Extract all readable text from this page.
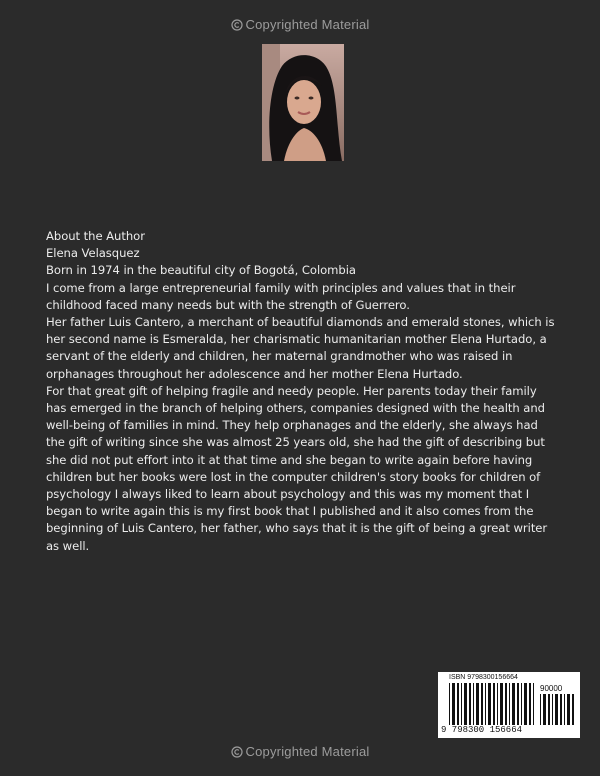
Copyrighted Material

About the Author

Elena Velasquez

Born in 1974 in the beautiful city of Bogotá, Colombia

I come from a large entrepreneurial family with principles and values that in their childhood faced many needs but with the strength of Guerrero.

Her father Luis Cantero, a merchant of beautiful diamonds and emerald stones, which is her second name is Esmeralda, her charismatic humanitarian mother Elena Hurtado, a servant of the elderly and children, her maternal grandmother who was raised in orphanages throughout her adolescence and her mother Elena Hurtado.

For that great gift of helping fragile and needy people. Her parents today their family has emerged in the branch of helping others, companies designed with the health and well-being of families in mind. They help orphanages and the elderly, she always had the gift of writing since she was almost 25 years old, she had the gift of describing but she did not put effort into it at that time and she began to write again before having children but her books were lost in the computer children's story books for children of psychology I always liked to learn about psychology and this was my moment that I began to write again this is my first book that I published and it also comes from the beginning of Luis Cantero, her father, who says that it is the gift of being a great writer as well.

ISBN 9798300156664
90000
9 798300 156664
Copyrighted Material
